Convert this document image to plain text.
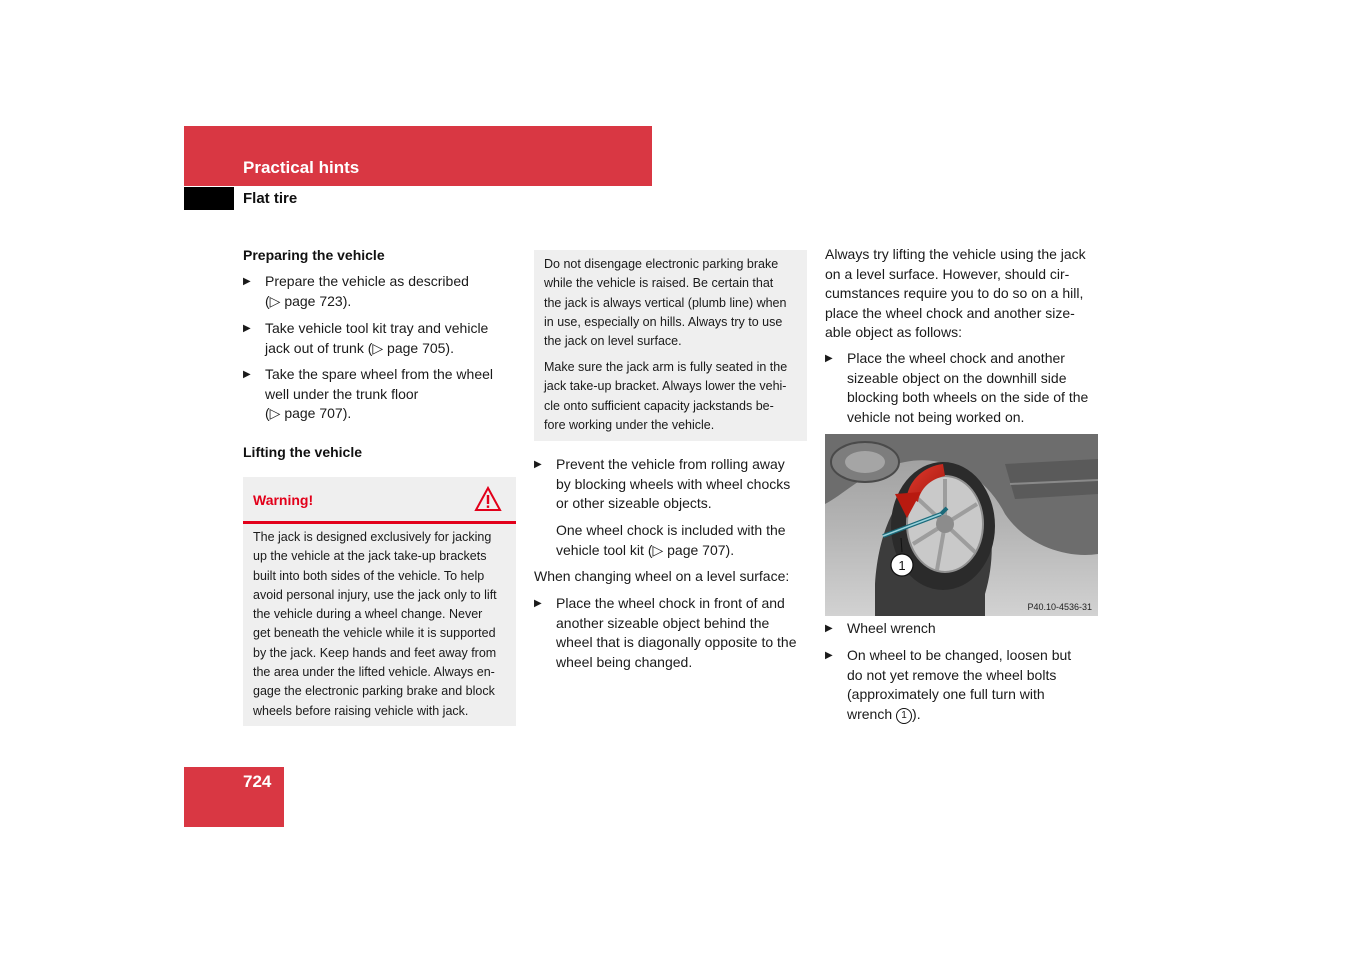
Practical hints
Flat tire
Preparing the vehicle
▶ Prepare the vehicle as described
(▷ page 723).
▶ Take vehicle tool kit tray and vehicle
jack out of trunk (▷ page 705).
▶ Take the spare wheel from the wheel
well under the trunk floor
(▷ page 707).
Lifting the vehicle
Warning!
The jack is designed exclusively for jacking
up the vehicle at the jack take-up brackets
built into both sides of the vehicle. To help
avoid personal injury, use the jack only to lift
the vehicle during a wheel change. Never
get beneath the vehicle while it is supported
by the jack. Keep hands and feet away from
the area under the lifted vehicle. Always en-
gage the electronic parking brake and block
wheels before raising vehicle with jack.
Do not disengage electronic parking brake
while the vehicle is raised. Be certain that
the jack is always vertical (plumb line) when
in use, especially on hills. Always try to use
the jack on level surface.
Make sure the jack arm is fully seated in the
jack take-up bracket. Always lower the vehi-
cle onto sufficient capacity jackstands be-
fore working under the vehicle.
▶ Prevent the vehicle from rolling away
by blocking wheels with wheel chocks
or other sizeable objects.
One wheel chock is included with the
vehicle tool kit (▷ page 707).
When changing wheel on a level surface:
▶ Place the wheel chock in front of and
another sizeable object behind the
wheel that is diagonally opposite to the
wheel being changed.
Always try lifting the vehicle using the jack
on a level surface. However, should cir-
cumstances require you to do so on a hill,
place the wheel chock and another size-
able object as follows:
▶ Place the wheel chock and another
sizeable object on the downhill side
blocking both wheels on the side of the
vehicle not being worked on.
1
P40.10-4536-31
▶ Wheel wrench
▶ On wheel to be changed, loosen but
do not yet remove the wheel bolts
(approximately one full turn with
wrench 1 ).
724
